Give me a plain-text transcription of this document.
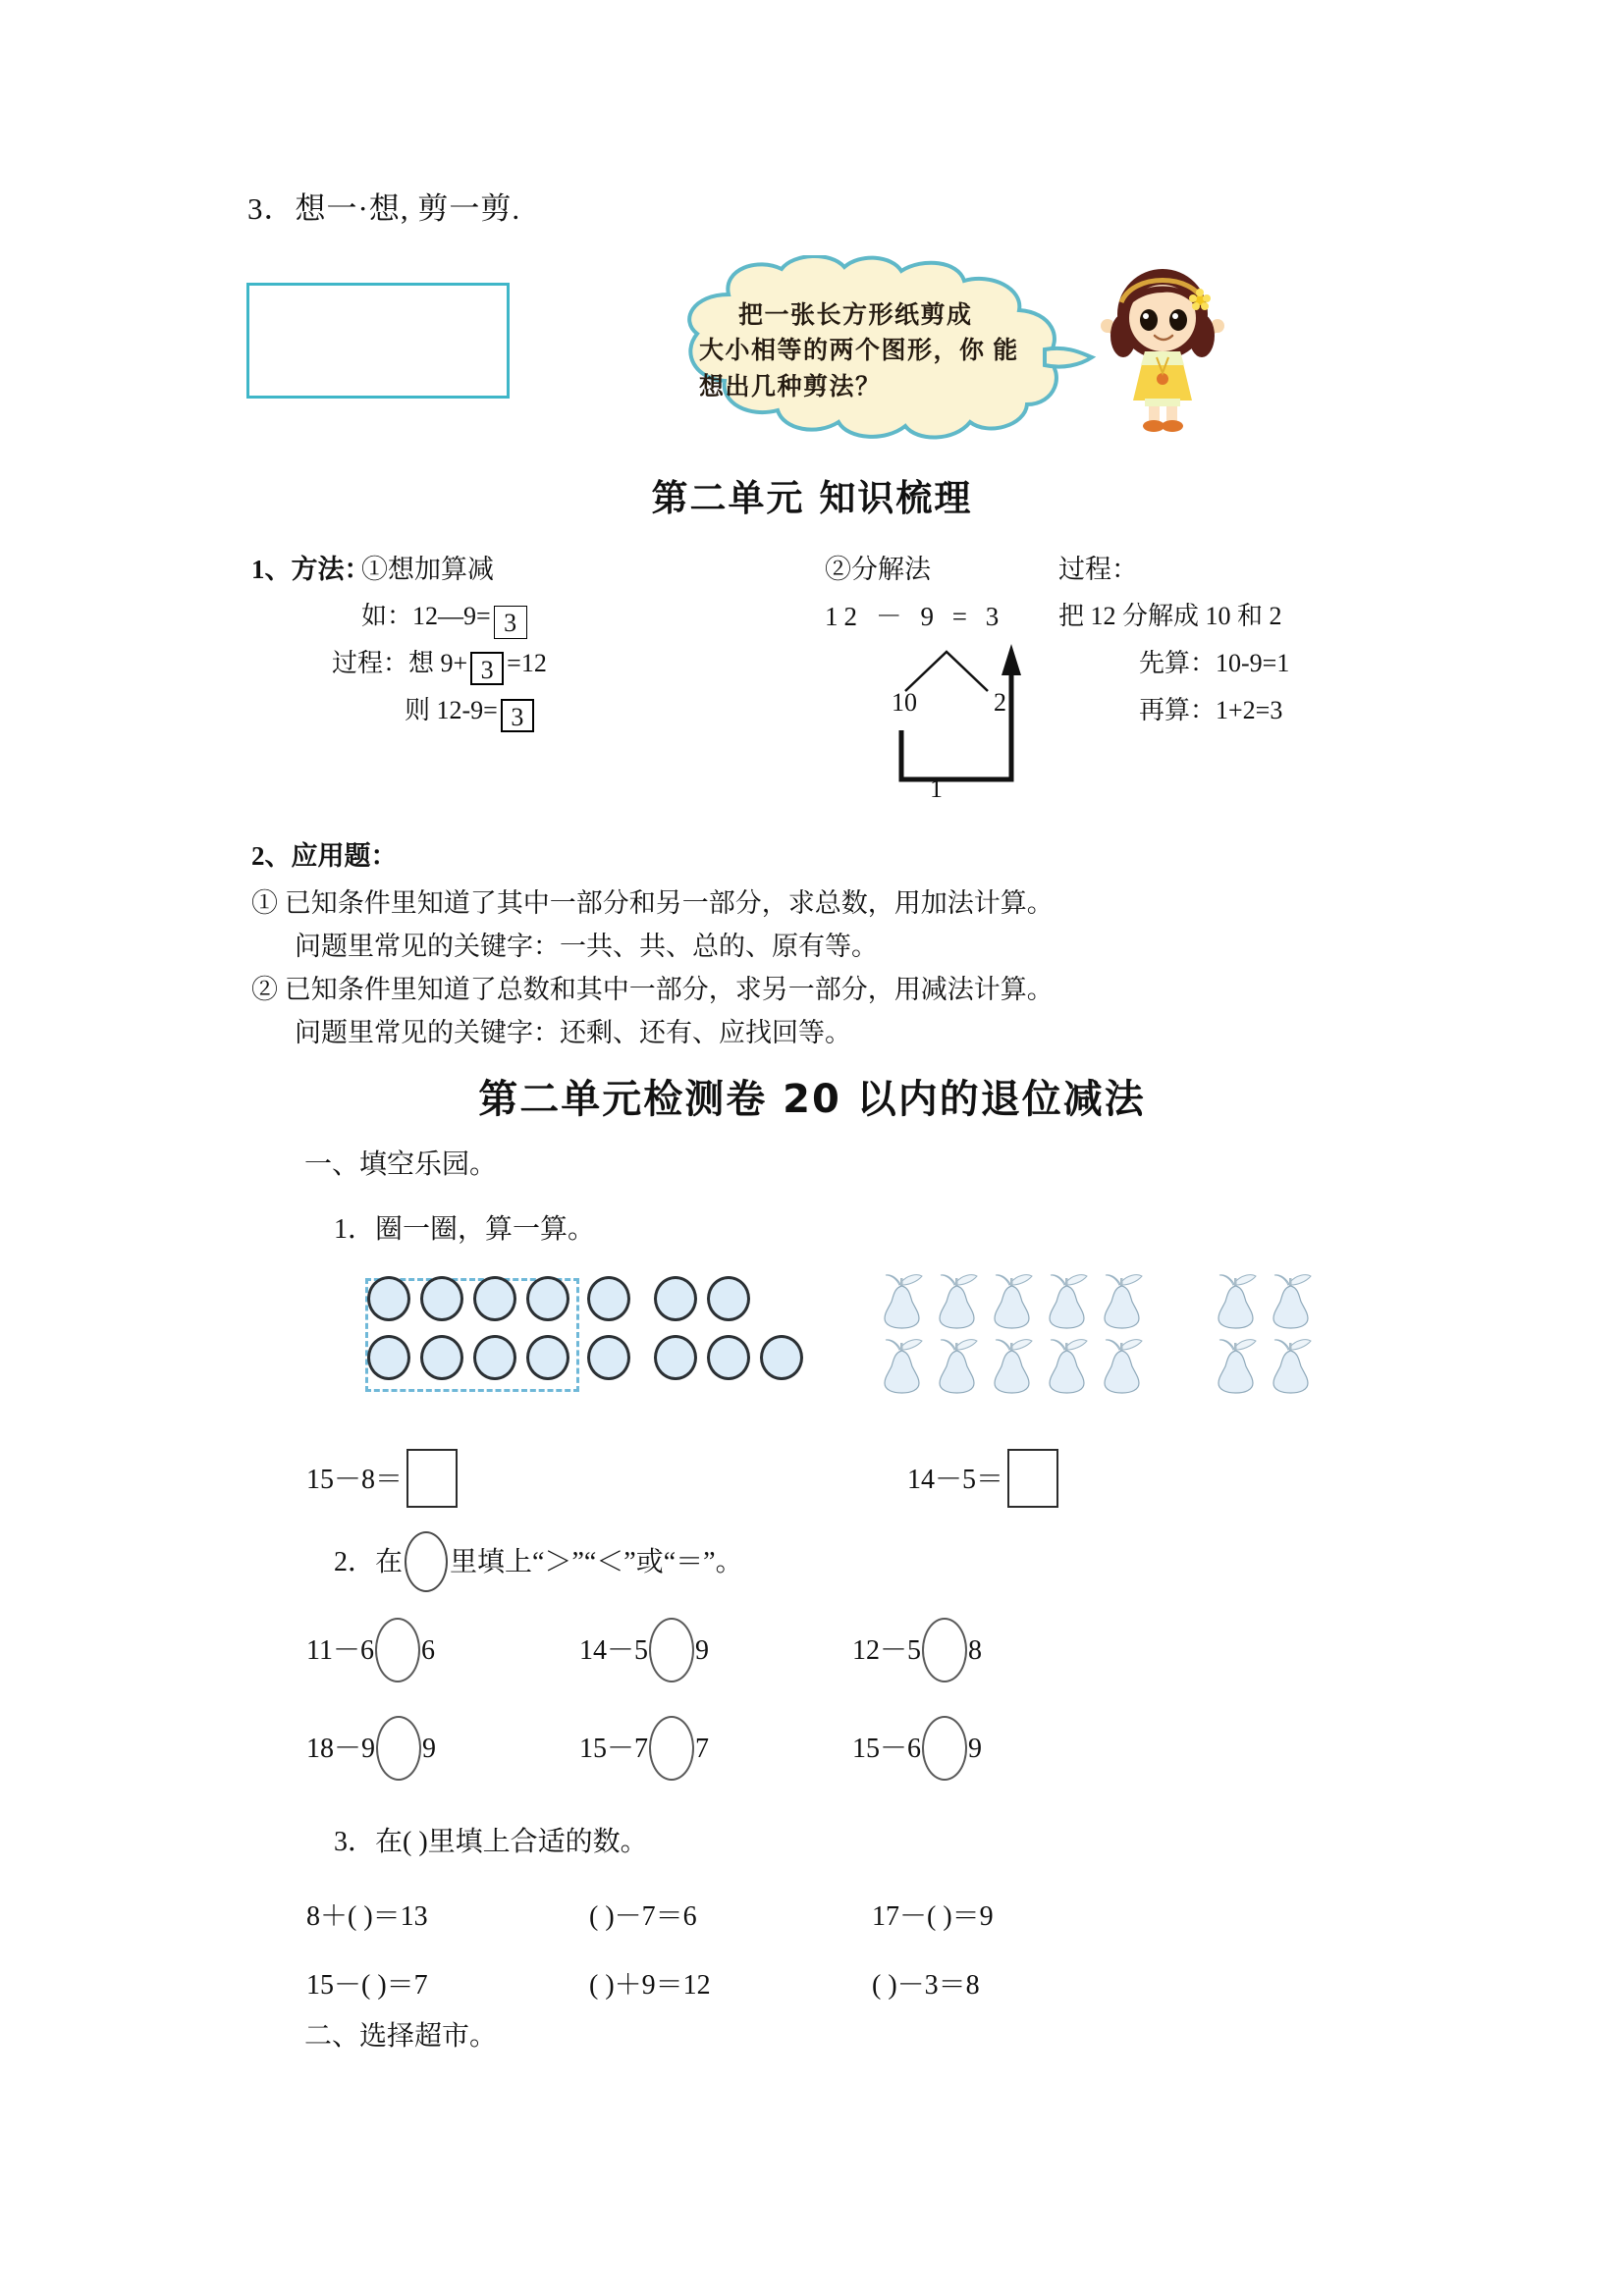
3．想一·想, 剪一剪.
把一张长方形纸剪成
大小相等的两个图形，你 能想出几种剪法？
第二单元 知识梳理
1、方法：
①想加算减
如：12—9= 3
过程：想 9+ 3 =12
则 12-9= 3
②分解法
12 － 9 = 3
10	2
1
过程：
把 12 分解成 10 和 2
先算：10-9=1
再算：1+2=3
2、应用题：
① 已知条件里知道了其中一部分和另一部分，求总数，用加法计算。
问题里常见的关键字：一共、共、总的、原有等。
② 已知条件里知道了总数和其中一部分，求另一部分，用减法计算。
问题里常见的关键字：还剩、还有、应找回等。
第二单元检测卷 20 以内的退位减法
一、填空乐园。
1．圈一圈，算一算。
15－8＝	14－5＝
2．在 里填上“＞”“＜”或“＝”。
11－6 6	14－5 9	12－5 8
18－9 9	15－7 7	15－6 9
3．在( )里填上合适的数。
8＋( )＝13	( )－7＝6	17－( )＝9
15－( )＝7	( )＋9＝12	( )－3＝8
二、选择超市。
